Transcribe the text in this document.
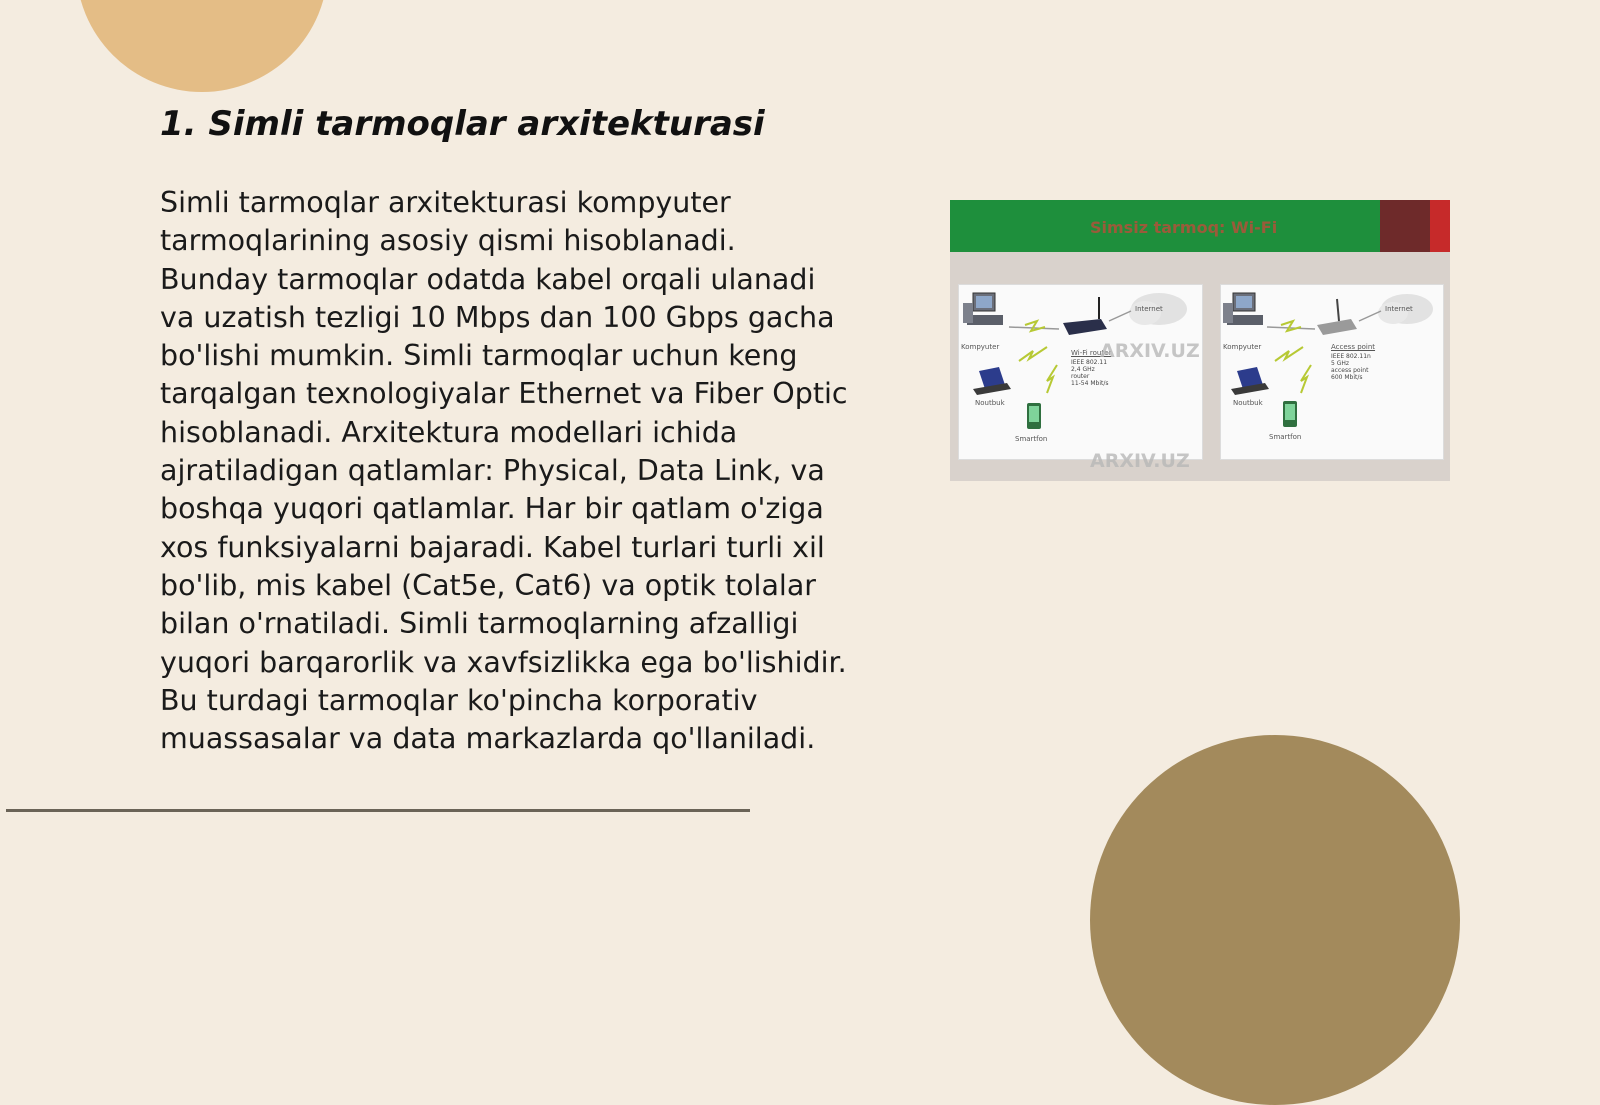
1. Simli tarmoqlar arxitekturasi

Simli tarmoqlar arxitekturasi kompyuter tarmoqlarining asosiy qismi hisoblanadi. Bunday tarmoqlar odatda kabel orqali ulanadi va uzatish tezligi 10 Mbps dan 100 Gbps gacha bo'lishi mumkin. Simli tarmoqlar uchun keng tarqalgan texnologiyalar Ethernet va Fiber Optic hisoblanadi. Arxitektura modellari ichida ajratiladigan qatlamlar: Physical, Data Link, va boshqa yuqori qatlamlar. Har bir qatlam o'ziga xos funksiyalarni bajaradi. Kabel turlari turli xil bo'lib, mis kabel (Cat5e, Cat6) va optik tolalar bilan o'rnatiladi. Simli tarmoqlarning afzalligi yuqori barqarorlik va xavfsizlikka ega bo'lishidir. Bu turdagi tarmoqlar ko'pincha korporativ muassasalar va data markazlarda qo'llaniladi.

Simsiz tarmoq: Wi-Fi
Kompyuter
Internet
Noutbuk
Smartfon
Wi-Fi router
IEEE 802.11
2,4 GHz
router
11-54 Mbit/s
Kompyuter
Internet
Noutbuk
Smartfon
Access point
IEEE 802.11n
5 GHz
access point
600 Mbit/s
ARXIV.UZ
ARXIV.UZ
